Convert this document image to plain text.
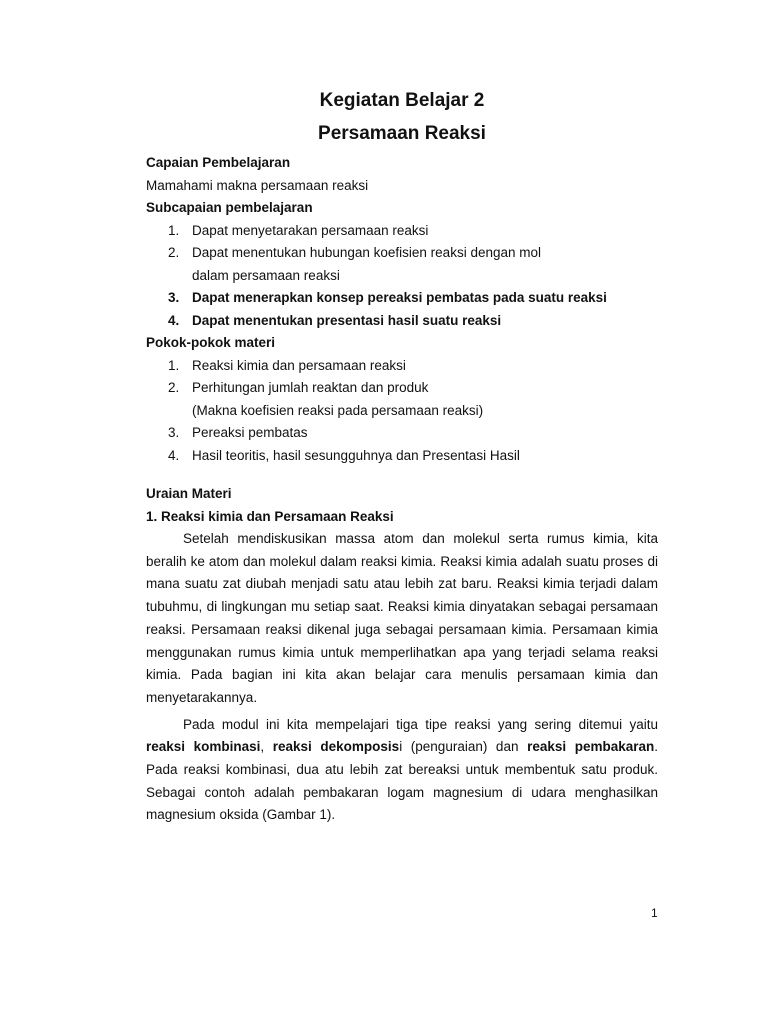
Kegiatan Belajar 2
Persamaan Reaksi

Capaian Pembelajaran

Mamahami makna persamaan reaksi

Subcapaian pembelajaran

1. Dapat menyetarakan persamaan reaksi
2. Dapat menentukan hubungan koefisien reaksi dengan mol
dalam persamaan reaksi
3. Dapat menerapkan konsep pereaksi pembatas pada suatu reaksi
4. Dapat menentukan presentasi hasil suatu reaksi

Pokok-pokok materi

1. Reaksi kimia dan persamaan reaksi
2. Perhitungan jumlah reaktan dan produk
(Makna koefisien reaksi pada persamaan reaksi)
3. Pereaksi pembatas
4. Hasil teoritis, hasil sesungguhnya dan Presentasi Hasil

Uraian Materi

1. Reaksi kimia dan Persamaan Reaksi

Setelah mendiskusikan massa atom dan molekul serta rumus kimia, kita beralih ke atom dan molekul dalam reaksi kimia. Reaksi kimia adalah suatu proses di mana suatu zat diubah menjadi satu atau lebih zat baru. Reaksi kimia terjadi dalam tubuhmu, di lingkungan mu setiap saat. Reaksi kimia dinyatakan sebagai persamaan reaksi. Persamaan reaksi dikenal juga sebagai persamaan kimia. Persamaan kimia menggunakan rumus kimia untuk memperlihatkan apa yang terjadi selama reaksi kimia. Pada bagian ini kita akan belajar cara menulis persamaan kimia dan menyetarakannya.

Pada modul ini kita mempelajari tiga tipe reaksi yang sering ditemui yaitu reaksi kombinasi, reaksi dekomposisi (penguraian) dan reaksi pembakaran. Pada reaksi kombinasi, dua atu lebih zat bereaksi untuk membentuk satu produk. Sebagai contoh adalah pembakaran logam magnesium di udara menghasilkan magnesium oksida (Gambar 1).

1
